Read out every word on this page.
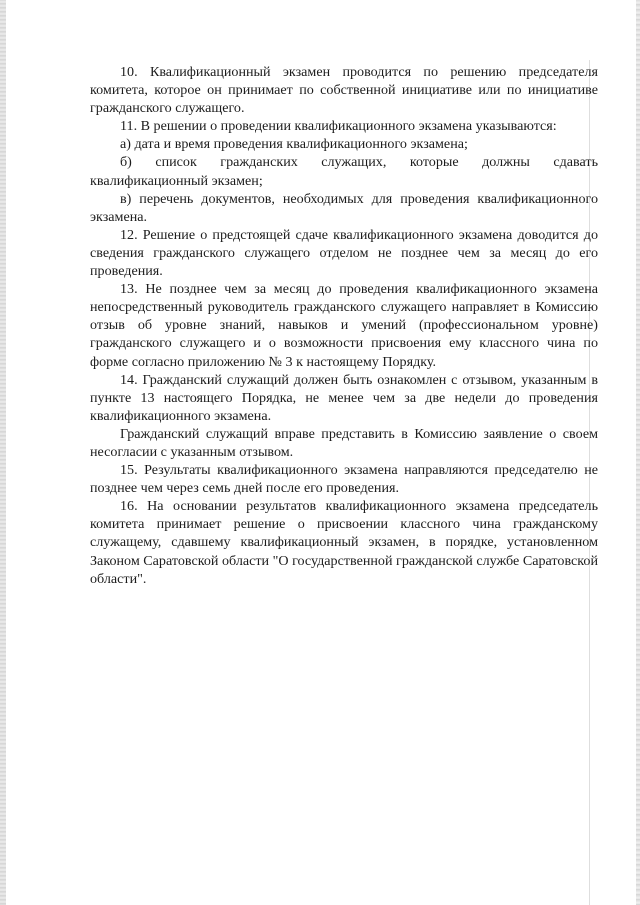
10. Квалификационный экзамен проводится по решению председателя комитета, которое он принимает по собственной инициативе или по инициативе гражданского служащего.

11. В решении о проведении квалификационного экзамена указываются:

а) дата и время проведения квалификационного экзамена;

б) список гражданских служащих, которые должны сдавать квалификационный экзамен;

в) перечень документов, необходимых для проведения квалификационного экзамена.

12. Решение о предстоящей сдаче квалификационного экзамена доводится до сведения гражданского служащего отделом не позднее чем за месяц до его проведения.

13. Не позднее чем за месяц до проведения квалификационного экзамена непосредственный руководитель гражданского служащего направляет в Комиссию отзыв об уровне знаний, навыков и умений (профессиональном уровне) гражданского служащего и о возможности присвоения ему классного чина по форме согласно приложению № 3 к настоящему Порядку.

14. Гражданский служащий должен быть ознакомлен с отзывом, указанным в пункте 13 настоящего Порядка, не менее чем за две недели до проведения квалификационного экзамена.

Гражданский служащий вправе представить в Комиссию заявление о своем несогласии с указанным отзывом.

15. Результаты квалификационного экзамена направляются председателю не позднее чем через семь дней после его проведения.

16. На основании результатов квалификационного экзамена председатель комитета принимает решение о присвоении классного чина гражданскому служащему, сдавшему квалификационный экзамен, в порядке, установленном Законом Саратовской области "О государственной гражданской службе Саратовской области".
